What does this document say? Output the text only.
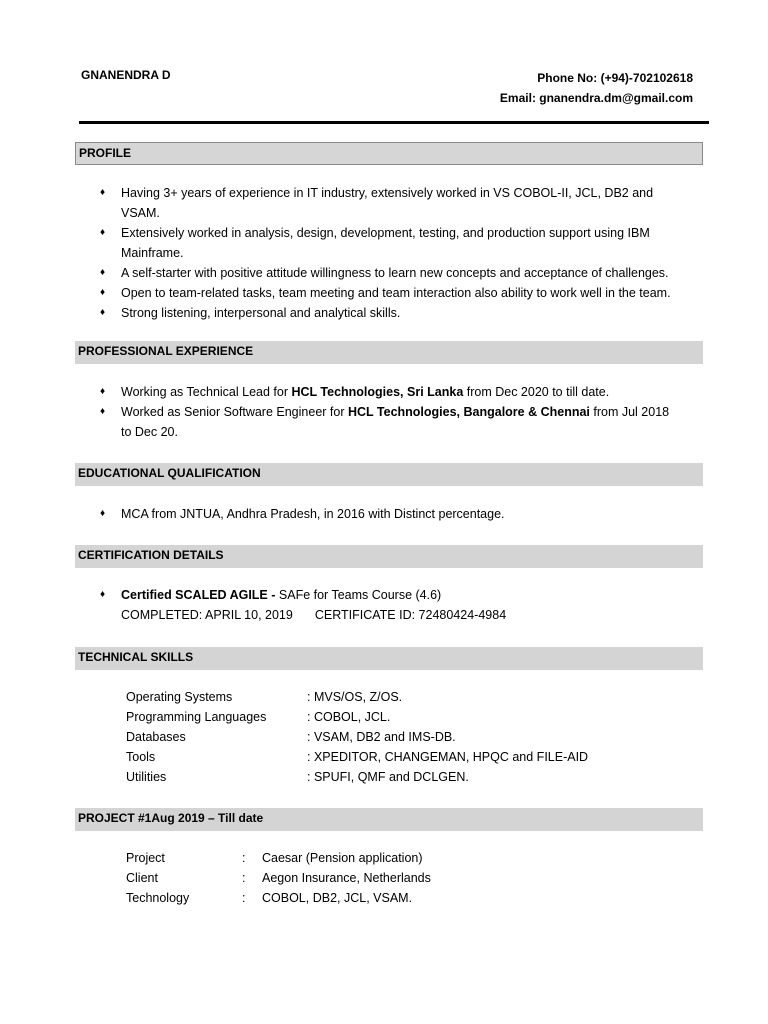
GNANENDRA D	Phone No: (+94)-702102618
Email: gnanendra.dm@gmail.com
PROFILE
♦ Having 3+ years of experience in IT industry, extensively worked in VS COBOL-II, JCL, DB2 and VSAM.
♦ Extensively worked in analysis, design, development, testing, and production support using IBM Mainframe.
♦ A self-starter with positive attitude willingness to learn new concepts and acceptance of challenges.
♦ Open to team-related tasks, team meeting and team interaction also ability to work well in the team.
♦ Strong listening, interpersonal and analytical skills.
PROFESSIONAL EXPERIENCE
♦ Working as Technical Lead for HCL Technologies, Sri Lanka from Dec 2020 to till date.
♦ Worked as Senior Software Engineer for HCL Technologies, Bangalore & Chennai from Jul 2018 to Dec 20.
EDUCATIONAL QUALIFICATION
♦ MCA from JNTUA, Andhra Pradesh, in 2016 with Distinct percentage.
CERTIFICATION DETAILS
♦ Certified SCALED AGILE - SAFe for Teams Course (4.6)
COMPLETED: APRIL 10, 2019 CERTIFICATE ID: 72480424-4984
TECHNICAL SKILLS
Operating Systems	: MVS/OS, Z/OS.
Programming Languages	: COBOL, JCL.
Databases	: VSAM, DB2 and IMS-DB.
Tools	: XPEDITOR, CHANGEMAN, HPQC and FILE-AID
Utilities	: SPUFI, QMF and DCLGEN.
PROJECT #1Aug 2019 – Till date
Project	:	Caesar (Pension application)
Client	:	Aegon Insurance, Netherlands
Technology	:	COBOL, DB2, JCL, VSAM.
